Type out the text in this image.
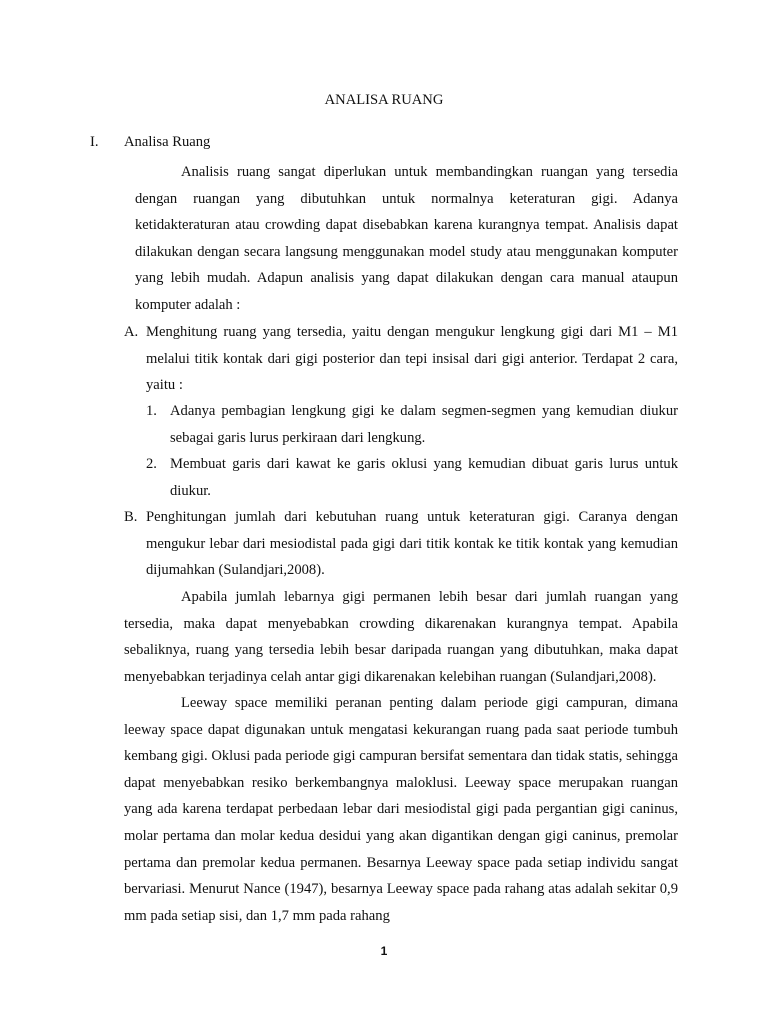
ANALISA RUANG

I. Analisa Ruang

Analisis ruang sangat diperlukan untuk membandingkan ruangan yang tersedia dengan ruangan yang dibutuhkan untuk normalnya keteraturan gigi. Adanya ketidakteraturan atau crowding dapat disebabkan karena kurangnya tempat. Analisis dapat dilakukan dengan secara langsung menggunakan model study atau menggunakan komputer yang lebih mudah. Adapun analisis yang dapat dilakukan dengan cara manual ataupun komputer adalah :

A. Menghitung ruang yang tersedia, yaitu dengan mengukur lengkung gigi dari M1 – M1 melalui titik kontak dari gigi posterior dan tepi insisal dari gigi anterior. Terdapat 2 cara, yaitu :

1. Adanya pembagian lengkung gigi ke dalam segmen-segmen yang kemudian diukur sebagai garis lurus perkiraan dari lengkung.

2. Membuat garis dari kawat ke garis oklusi yang kemudian dibuat garis lurus untuk diukur.

B. Penghitungan jumlah dari kebutuhan ruang untuk keteraturan gigi. Caranya dengan mengukur lebar dari mesiodistal pada gigi dari titik kontak ke titik kontak yang kemudian dijumahkan (Sulandjari,2008).

Apabila jumlah lebarnya gigi permanen lebih besar dari jumlah ruangan yang tersedia, maka dapat menyebabkan crowding dikarenakan kurangnya tempat. Apabila sebaliknya, ruang yang tersedia lebih besar daripada ruangan yang dibutuhkan, maka dapat menyebabkan terjadinya celah antar gigi dikarenakan kelebihan ruangan (Sulandjari,2008).

Leeway space memiliki peranan penting dalam periode gigi campuran, dimana leeway space dapat digunakan untuk mengatasi kekurangan ruang pada saat periode tumbuh kembang gigi. Oklusi pada periode gigi campuran bersifat sementara dan tidak statis, sehingga dapat menyebabkan resiko berkembangnya maloklusi. Leeway space merupakan ruangan yang ada karena terdapat perbedaan lebar dari mesiodistal gigi pada pergantian gigi caninus, molar pertama dan molar kedua desidui yang akan digantikan dengan gigi caninus, premolar pertama dan premolar kedua permanen. Besarnya Leeway space pada setiap individu sangat bervariasi. Menurut Nance (1947), besarnya Leeway space pada rahang atas adalah sekitar 0,9 mm pada setiap sisi, dan 1,7 mm pada rahang

1
